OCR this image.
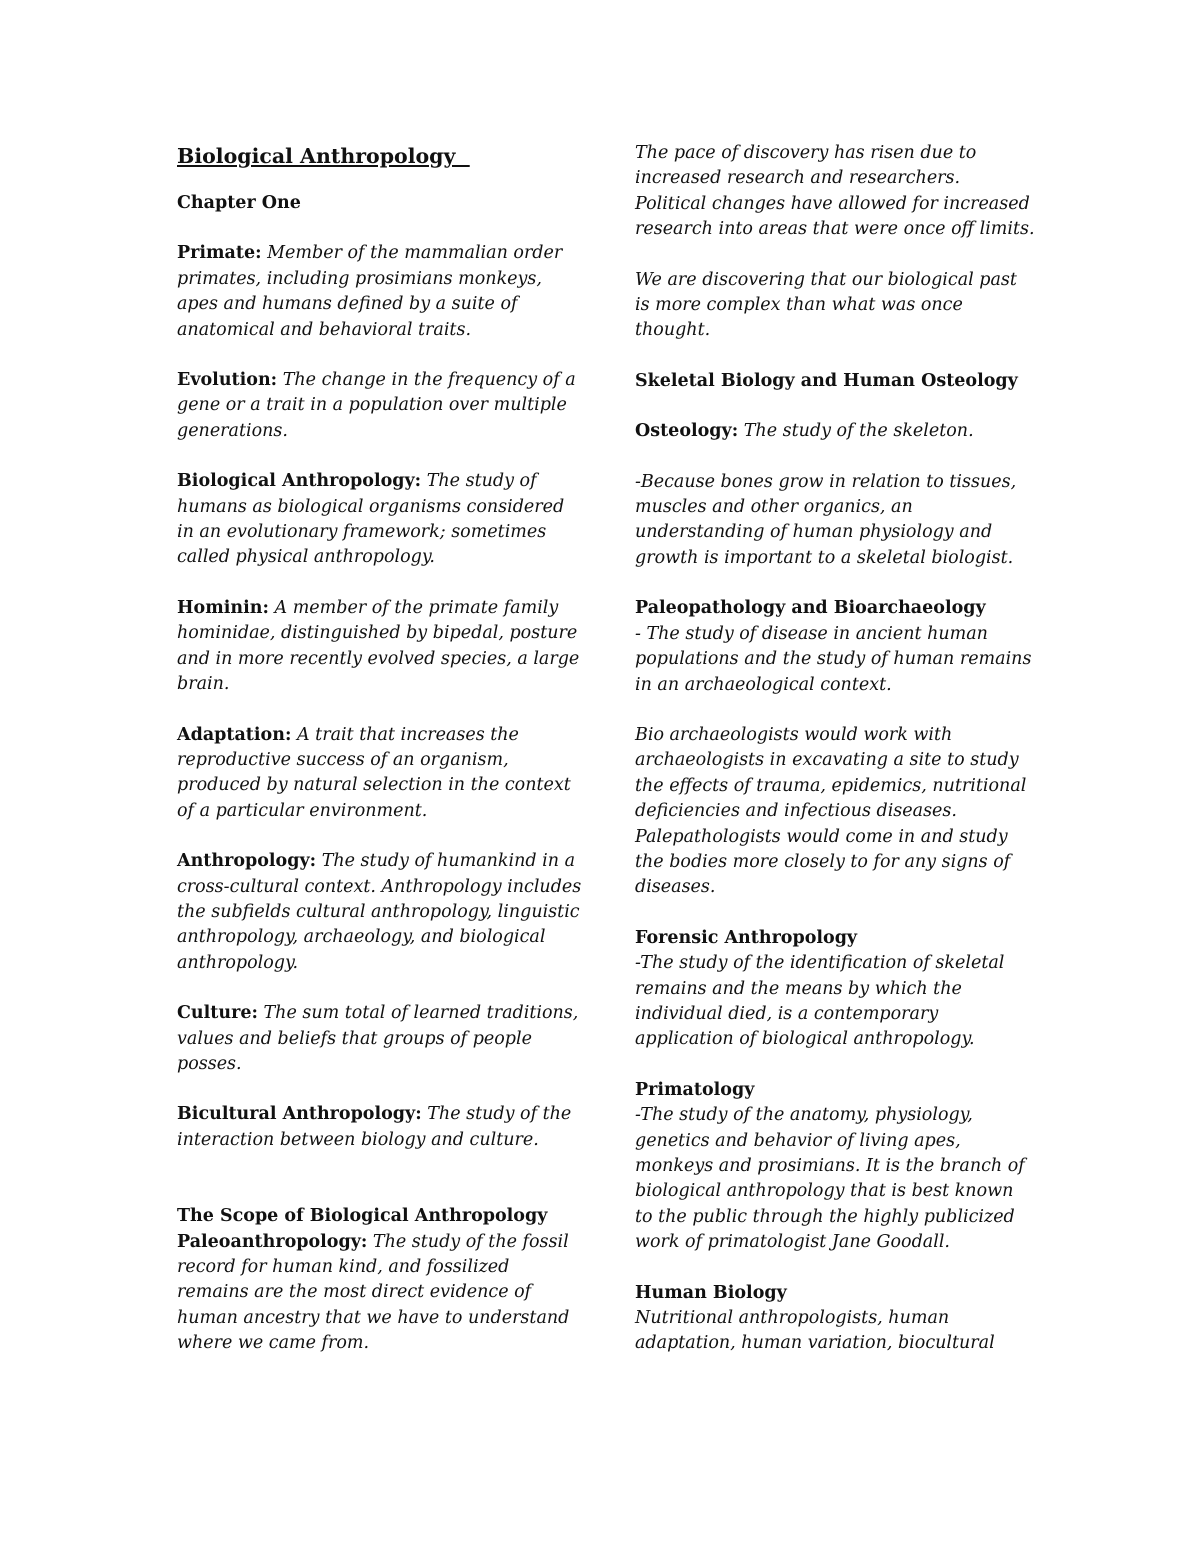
Biological Anthropology
Chapter One

Primate: Member of the mammalian order primates, including prosimians monkeys, apes and humans defined by a suite of anatomical and behavioral traits.

Evolution: The change in the frequency of a gene or a trait in a population over multiple generations.

Biological Anthropology: The study of humans as biological organisms considered in an evolutionary framework; sometimes called physical anthropology.

Hominin: A member of the primate family hominidae, distinguished by bipedal, posture and in more recently evolved species, a large brain.

Adaptation: A trait that increases the reproductive success of an organism, produced by natural selection in the context of a particular environment.

Anthropology: The study of humankind in a cross-cultural context. Anthropology includes the subfields cultural anthropology, linguistic anthropology, archaeology, and biological anthropology.

Culture: The sum total of learned traditions, values and beliefs that groups of people posses.

Bicultural Anthropology: The study of the interaction between biology and culture.

The Scope of Biological Anthropology

Paleoanthropology: The study of the fossil record for human kind, and fossilized remains are the most direct evidence of human ancestry that we have to understand where we came from.

The pace of discovery has risen due to increased research and researchers. Political changes have allowed for increased research into areas that were once off limits.

We are discovering that our biological past is more complex than what was once thought.

Skeletal Biology and Human Osteology

Osteology: The study of the skeleton.

-Because bones grow in relation to tissues, muscles and other organics, an understanding of human physiology and growth is important to a skeletal biologist.

Paleopathology and Bioarchaeology

- The study of disease in ancient human populations and the study of human remains in an archaeological context.

Bio archaeologists would work with archaeologists in excavating a site to study the effects of trauma, epidemics, nutritional deficiencies and infectious diseases. Palepathologists would come in and study the bodies more closely to for any signs of diseases.

Forensic Anthropology

-The study of the identification of skeletal remains and the means by which the individual died, is a contemporary application of biological anthropology.

Primatology

-The study of the anatomy, physiology, genetics and behavior of living apes, monkeys and prosimians. It is the branch of biological anthropology that is best known to the public through the highly publicized work of primatologist Jane Goodall.

Human Biology

Nutritional anthropologists, human adaptation, human variation, biocultural
